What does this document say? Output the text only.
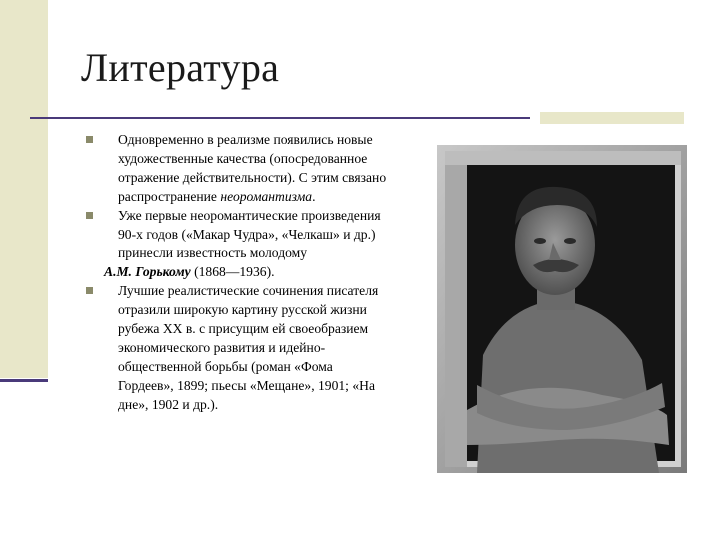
Литература
Одновременно в реализме появились новые
художественные качества (опосредованное
отражение действительности). С этим связано
распространение неоромантизма.
Уже первые неоромантические произведения
90-х годов («Макар Чудра», «Челкаш» и др.)
принесли известность молодому
А.М. Горькому (1868—1936).
Лучшие реалистические сочинения писателя
отразили широкую картину русской жизни
рубежа XX в. с присущим ей своеобразием
экономического развития и идейно-
общественной борьбы (роман «Фома
Гордеев», 1899; пьесы «Мещане», 1901; «На
дне», 1902 и др.).
